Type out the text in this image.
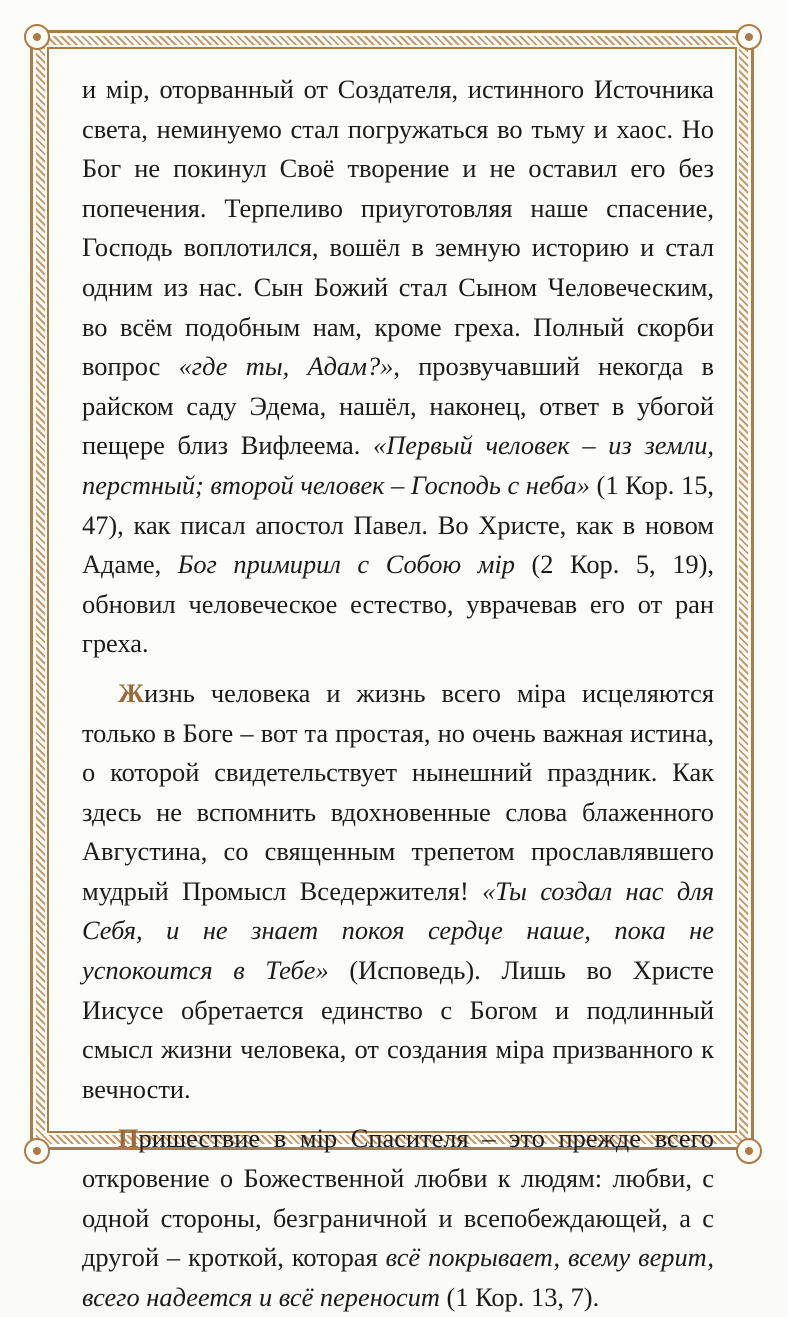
и мір, оторванный от Создателя, истинного Источника света, неминуемо стал погружаться во тьму и хаос. Но Бог не покинул Своё творение и не оставил его без попечения. Терпеливо приуготовляя наше спасение, Господь воплотился, вошёл в земную историю и стал одним из нас. Сын Божий стал Сыном Человеческим, во всём подобным нам, кроме греха. Полный скорби вопрос «где ты, Адам?», прозвучавший некогда в райском саду Эдема, нашёл, наконец, ответ в убогой пещере близ Вифлеема. «Первый человек – из земли, перстный; второй человек – Господь с неба» (1 Кор. 15, 47), как писал апостол Павел. Во Христе, как в новом Адаме, Бог примирил с Собою мір (2 Кор. 5, 19), обновил человеческое естество, уврачевав его от ран греха.

Жизнь человека и жизнь всего міра исцеляются только в Боге – вот та простая, но очень важная истина, о которой свидетельствует нынешний праздник. Как здесь не вспомнить вдохновенные слова блаженного Августина, со священным трепетом прославлявшего мудрый Промысл Вседержителя! «Ты создал нас для Себя, и не знает покоя сердце наше, пока не успокоится в Тебе» (Исповедь). Лишь во Христе Иисусе обретается единство с Богом и подлинный смысл жизни человека, от создания міра призванного к вечности.

Пришествие в мір Спасителя – это прежде всего откровение о Божественной любви к людям: любви, с одной стороны, безграничной и всепобеждающей, а с другой – кроткой, которая всё покрывает, всему верит, всего надеется и всё переносит (1 Кор. 13, 7).
